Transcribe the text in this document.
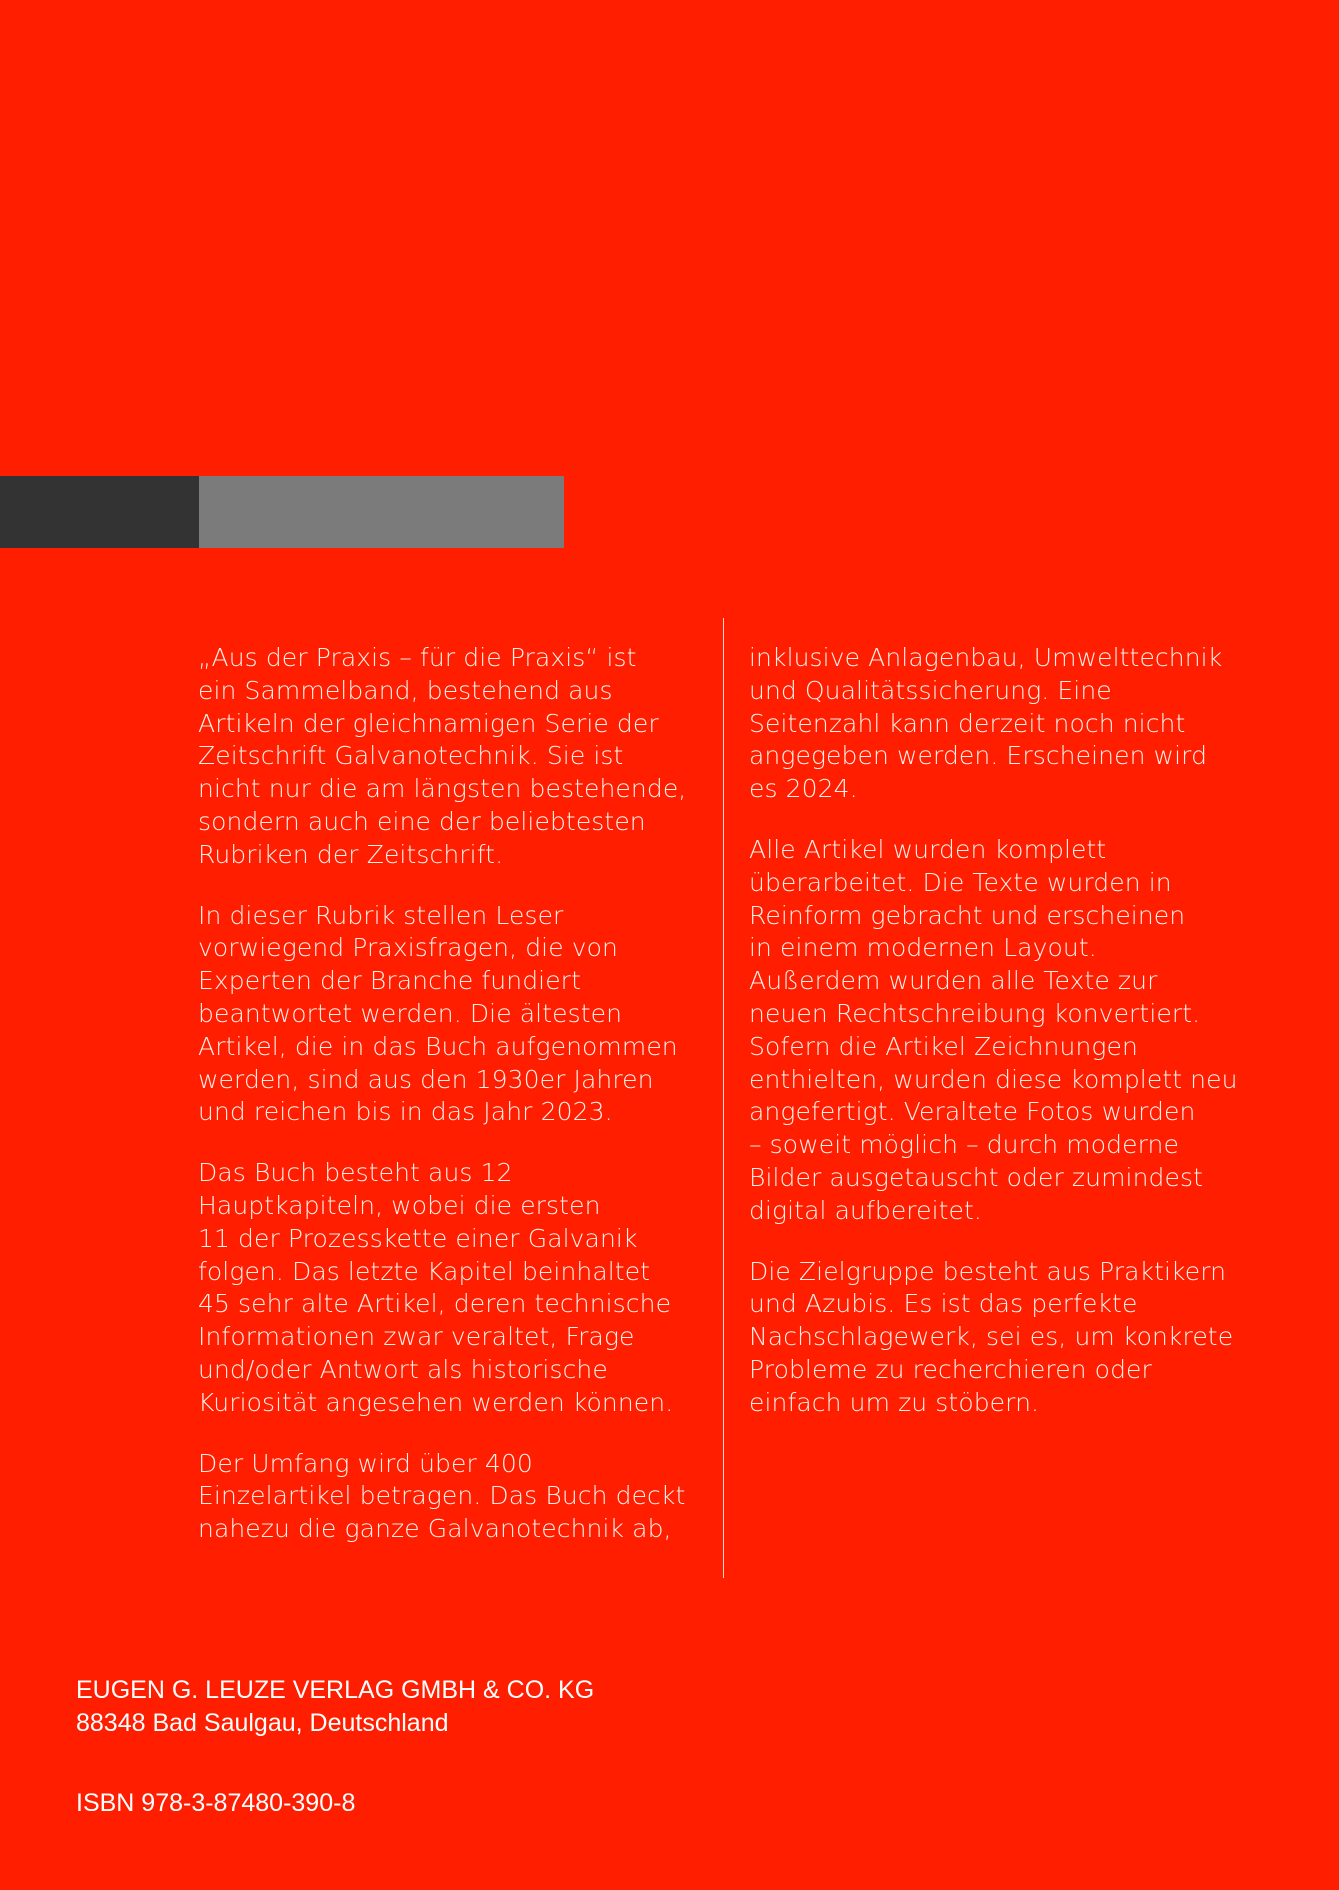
„Aus der Praxis – für die Praxis“ ist
ein Sammelband, bestehend aus
Artikeln der gleichnamigen Serie der
Zeitschrift Galvanotechnik. Sie ist
nicht nur die am längsten bestehende,
sondern auch eine der beliebtesten
Rubriken der Zeitschrift.

In dieser Rubrik stellen Leser
vorwiegend Praxisfragen, die von
Experten der Branche fundiert
beantwortet werden. Die ältesten
Artikel, die in das Buch aufgenommen
werden, sind aus den 1930er Jahren
und reichen bis in das Jahr 2023.

Das Buch besteht aus 12
Hauptkapiteln, wobei die ersten
11 der Prozesskette einer Galvanik
folgen. Das letzte Kapitel beinhaltet
45 sehr alte Artikel, deren technische
Informationen zwar veraltet, Frage
und/oder Antwort als historische
Kuriosität angesehen werden können.

Der Umfang wird über 400
Einzelartikel betragen. Das Buch deckt
nahezu die ganze Galvanotechnik ab,

inklusive Anlagenbau, Umwelttechnik
und Qualitätssicherung. Eine
Seitenzahl kann derzeit noch nicht
angegeben werden. Erscheinen wird
es 2024.

Alle Artikel wurden komplett
überarbeitet. Die Texte wurden in
Reinform gebracht und erscheinen
in einem modernen Layout.
Außerdem wurden alle Texte zur
neuen Rechtschreibung konvertiert.
Sofern die Artikel Zeichnungen
enthielten, wurden diese komplett neu
angefertigt. Veraltete Fotos wurden
– soweit möglich – durch moderne
Bilder ausgetauscht oder zumindest
digital aufbereitet.

Die Zielgruppe besteht aus Praktikern
und Azubis. Es ist das perfekte
Nachschlagewerk, sei es, um konkrete
Probleme zu recherchieren oder
einfach um zu stöbern.

EUGEN G. LEUZE VERLAG GMBH & CO. KG
88348 Bad Saulgau, Deutschland
ISBN 978-3-87480-390-8
